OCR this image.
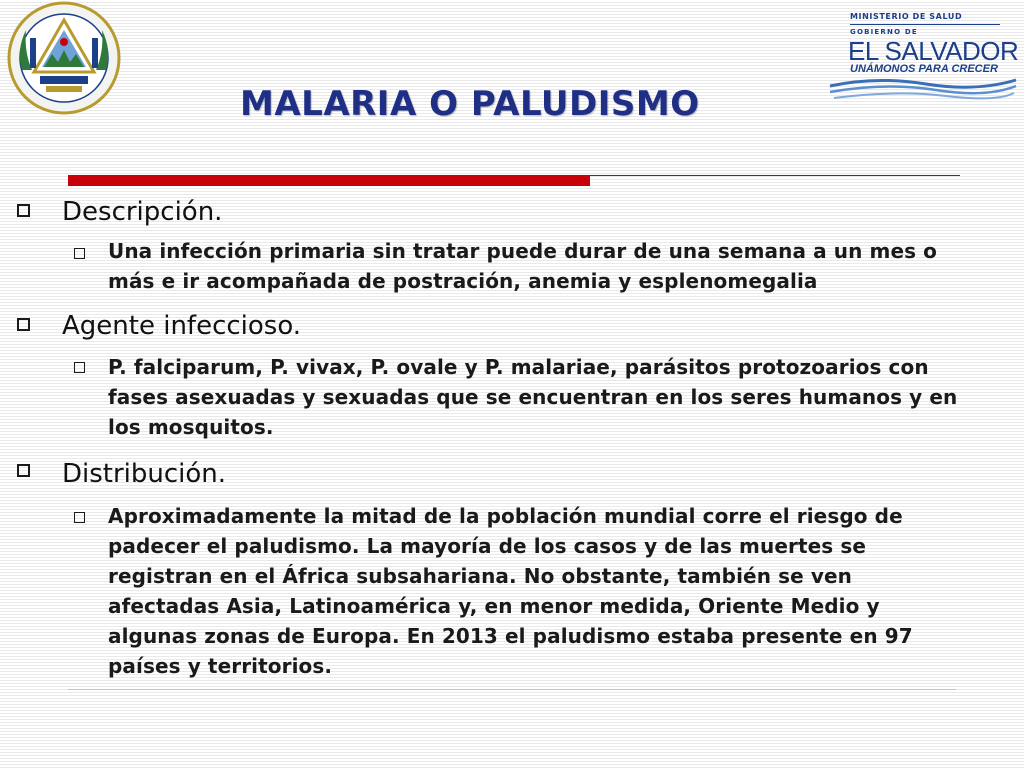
MINISTERIO DE SALUD
GOBIERNO DE
EL SALVADOR
UNÁMONOS PARA CRECER
MALARIA O PALUDISMO
Descripción.
Una infección primaria sin tratar puede durar de una semana a un mes o
más e ir acompañada de postración, anemia y esplenomegalia
Agente infeccioso.
P. falciparum, P. vivax, P. ovale y P. malariae, parásitos protozoarios con
fases asexuadas y sexuadas que se encuentran en los seres humanos y en
los mosquitos.
Distribución.
Aproximadamente la mitad de la población mundial corre el riesgo de
padecer el paludismo. La mayoría de los casos y de las muertes se
registran en el África subsahariana. No obstante, también se ven
afectadas Asia, Latinoamérica y, en menor medida, Oriente Medio y
algunas zonas de Europa. En 2013 el paludismo estaba presente en 97
países y territorios.
